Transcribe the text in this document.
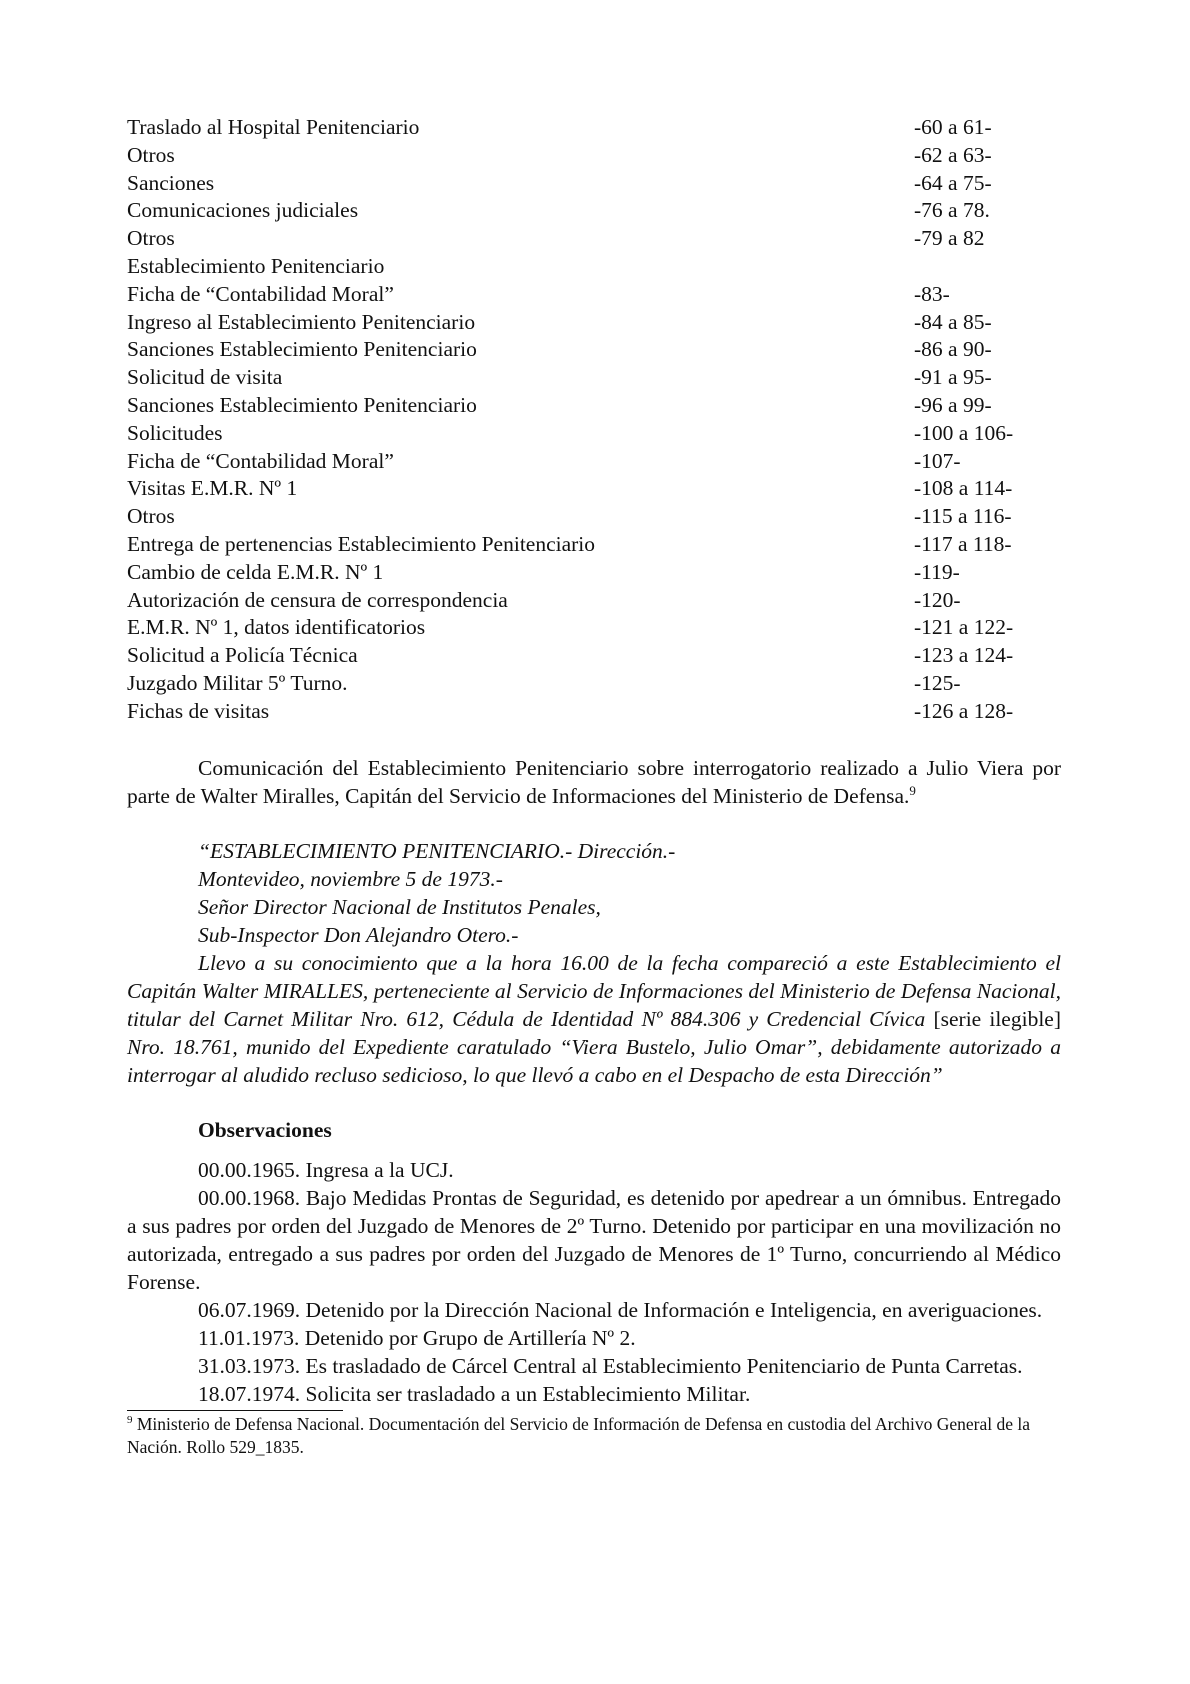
Traslado al Hospital Penitenciario	-60 a 61-
Otros	-62 a 63-
Sanciones	-64 a 75-
Comunicaciones judiciales	-76 a 78.
Otros	-79 a 82
Establecimiento Penitenciario
Ficha de “Contabilidad Moral”	-83-
Ingreso al Establecimiento Penitenciario	-84 a 85-
Sanciones Establecimiento Penitenciario	-86 a 90-
Solicitud de visita	-91 a 95-
Sanciones Establecimiento Penitenciario	-96 a 99-
Solicitudes	-100 a 106-
Ficha de “Contabilidad Moral”	-107-
Visitas E.M.R. Nº 1	-108 a 114-
Otros	-115 a 116-
Entrega de pertenencias Establecimiento Penitenciario	-117 a 118-
Cambio de celda E.M.R. Nº 1	-119-
Autorización de censura de correspondencia	-120-
E.M.R. Nº 1, datos identificatorios	-121 a 122-
Solicitud a Policía Técnica	-123 a 124-
Juzgado Militar 5º Turno.	-125-
Fichas de visitas	-126 a 128-

Comunicación del Establecimiento Penitenciario sobre interrogatorio realizado a Julio Viera por parte de Walter Miralles, Capitán del Servicio de Informaciones del Ministerio de Defensa.$^9$

“ESTABLECIMIENTO PENITENCIARIO.- Dirección.-
Montevideo, noviembre 5 de 1973.-
Señor Director Nacional de Institutos Penales,
Sub-Inspector Don Alejandro Otero.-

Llevo a su conocimiento que a la hora 16.00 de la fecha compareció a este Establecimiento el Capitán Walter MIRALLES, perteneciente al Servicio de Informaciones del Ministerio de Defensa Nacional, titular del Carnet Militar Nro. 612, Cédula de Identidad Nº 884.306 y Credencial Cívica [serie ilegible] Nro. 18.761, munido del Expediente caratulado “Viera Bustelo, Julio Omar”, debidamente autorizado a interrogar al aludido recluso sedicioso, lo que llevó a cabo en el Despacho de esta Dirección”

Observaciones

00.00.1965. Ingresa a la UCJ.

00.00.1968. Bajo Medidas Prontas de Seguridad, es detenido por apedrear a un ómnibus. Entregado a sus padres por orden del Juzgado de Menores de 2º Turno. Detenido por participar en una movilización no autorizada, entregado a sus padres por orden del Juzgado de Menores de 1º Turno, concurriendo al Médico Forense.

06.07.1969. Detenido por la Dirección Nacional de Información e Inteligencia, en averiguaciones.

11.01.1973. Detenido por Grupo de Artillería Nº 2.

31.03.1973. Es trasladado de Cárcel Central al Establecimiento Penitenciario de Punta Carretas.

18.07.1974. Solicita ser trasladado a un Establecimiento Militar.

$^9$ Ministerio de Defensa Nacional. Documentación del Servicio de Información de Defensa en custodia del Archivo General de la Nación. Rollo 529_1835.
